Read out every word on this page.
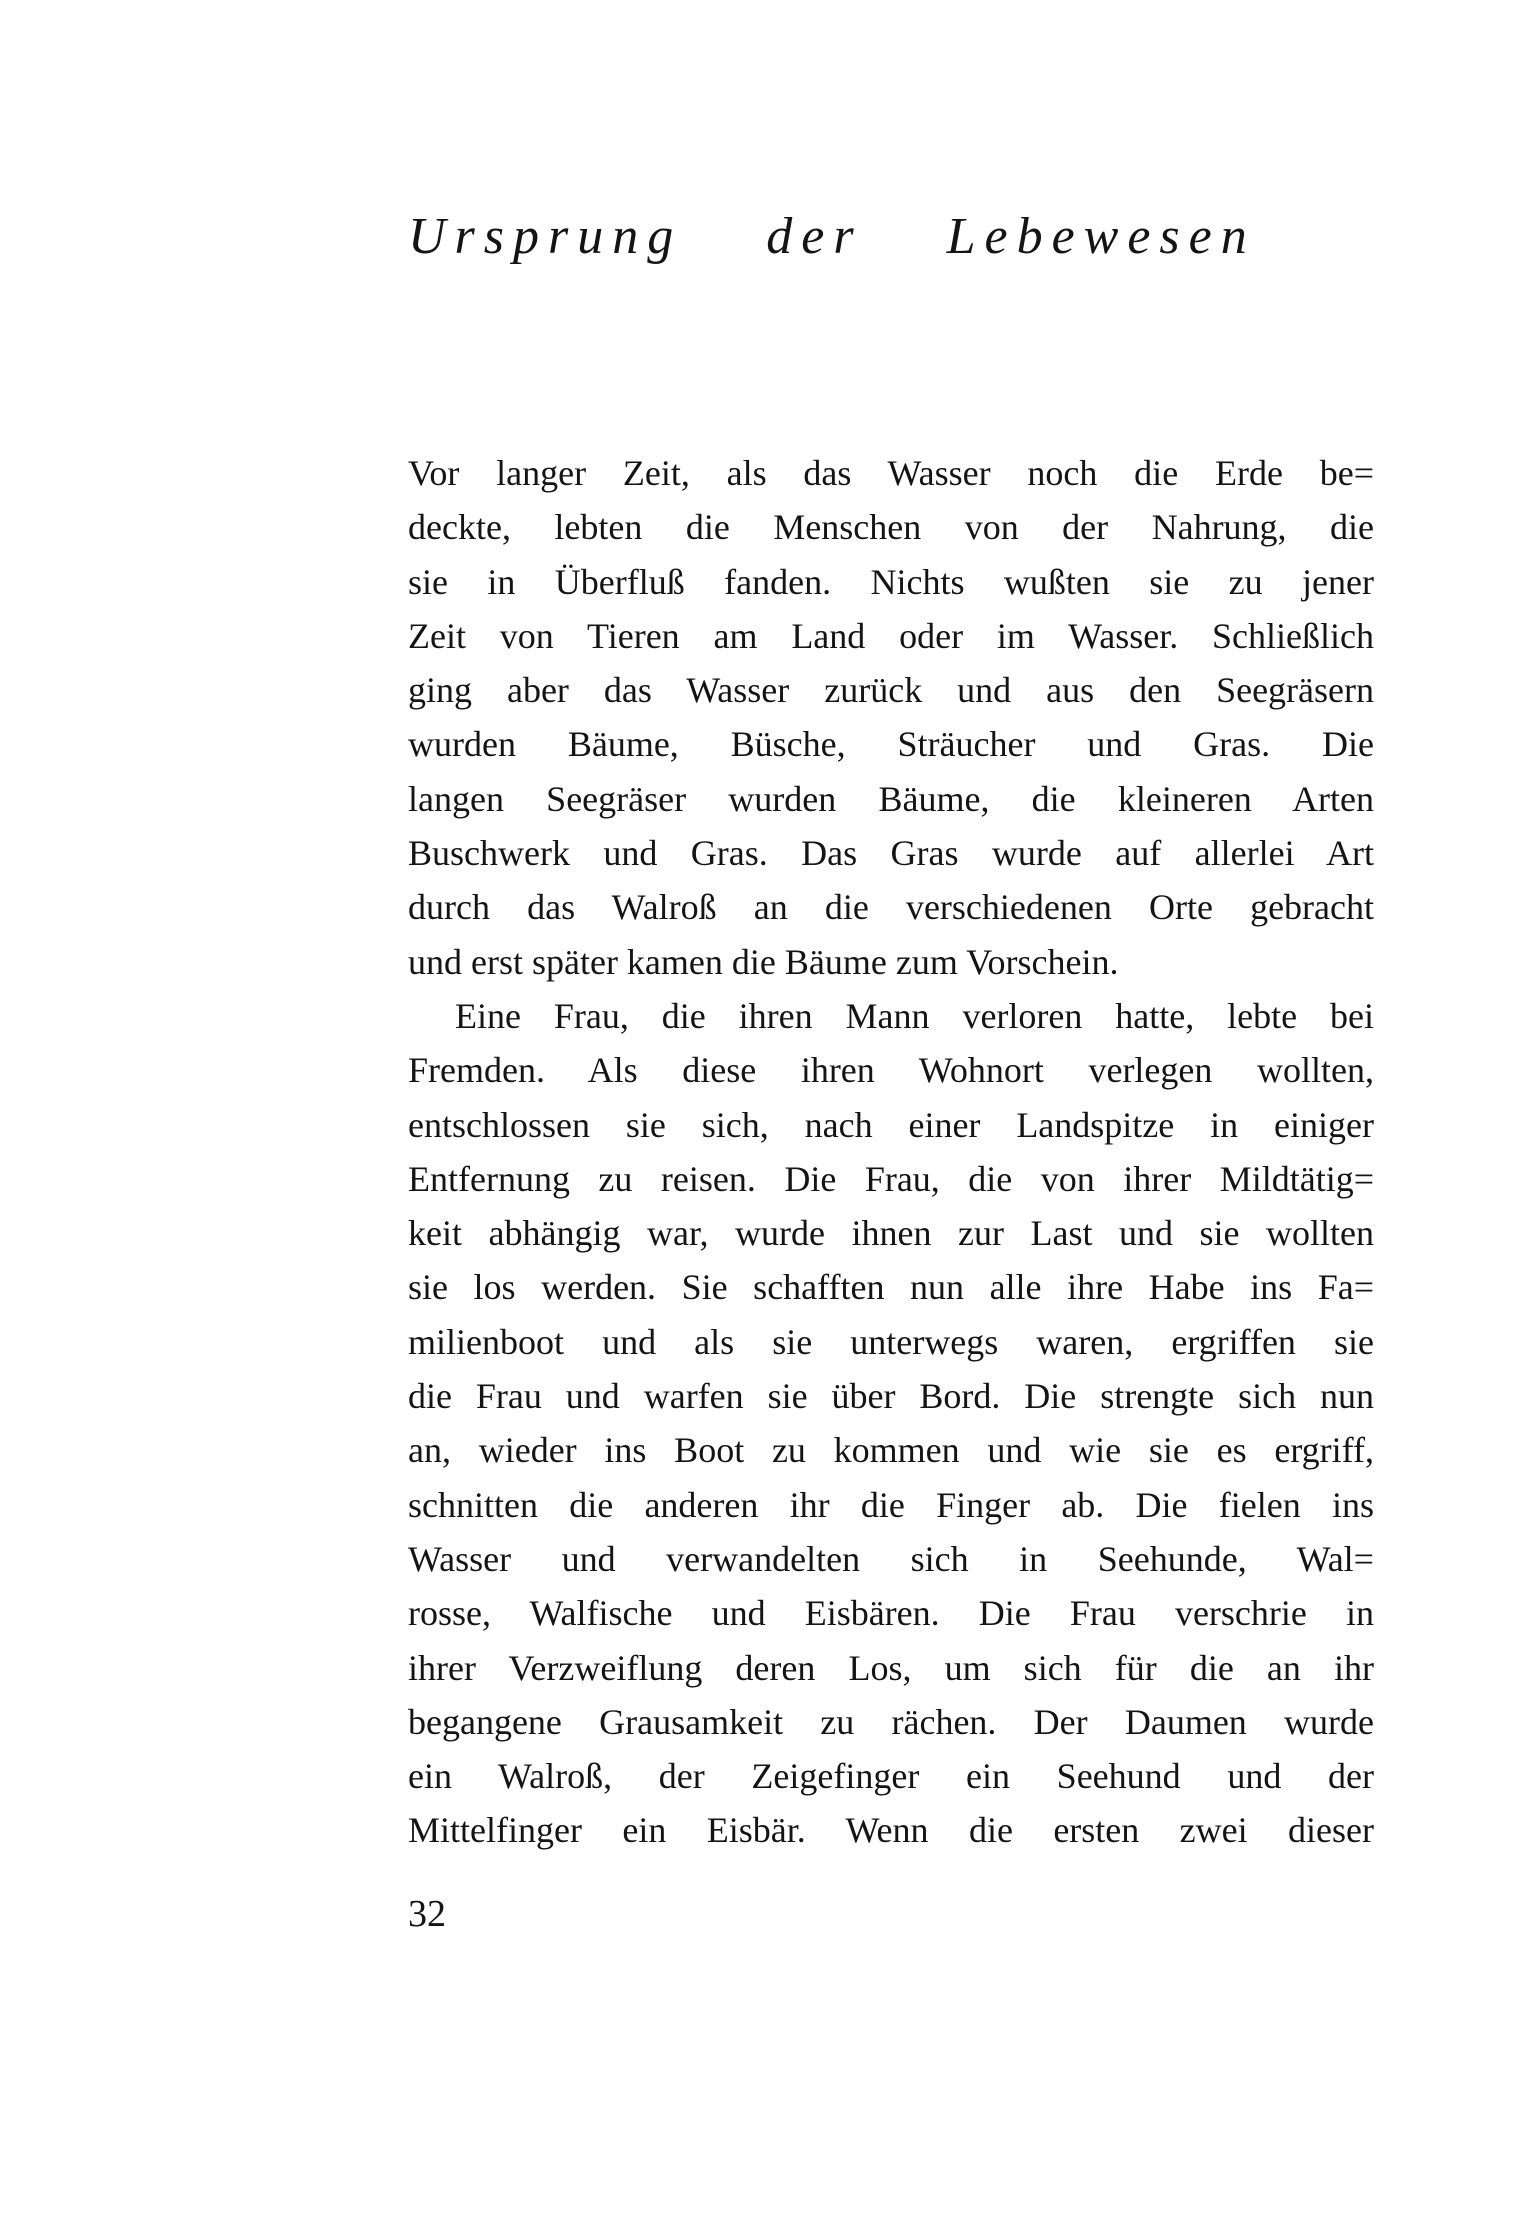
Ursprung der Lebewesen
Vor langer Zeit, als das Wasser noch die Erde be=
deckte, lebten die Menschen von der Nahrung, die
sie in Überfluß fanden. Nichts wußten sie zu jener
Zeit von Tieren am Land oder im Wasser. Schließlich
ging aber das Wasser zurück und aus den Seegräsern
wurden Bäume, Büsche, Sträucher und Gras. Die
langen Seegräser wurden Bäume, die kleineren Arten
Buschwerk und Gras. Das Gras wurde auf allerlei Art
durch das Walroß an die verschiedenen Orte gebracht
und erst später kamen die Bäume zum Vorschein.
Eine Frau, die ihren Mann verloren hatte, lebte bei
Fremden. Als diese ihren Wohnort verlegen wollten,
entschlossen sie sich, nach einer Landspitze in einiger
Entfernung zu reisen. Die Frau, die von ihrer Mildtätig=
keit abhängig war, wurde ihnen zur Last und sie wollten
sie los werden. Sie schafften nun alle ihre Habe ins Fa=
milienboot und als sie unterwegs waren, ergriffen sie
die Frau und warfen sie über Bord. Die strengte sich nun
an, wieder ins Boot zu kommen und wie sie es ergriff,
schnitten die anderen ihr die Finger ab. Die fielen ins
Wasser und verwandelten sich in Seehunde, Wal=
rosse, Walfische und Eisbären. Die Frau verschrie in
ihrer Verzweiflung deren Los, um sich für die an ihr
begangene Grausamkeit zu rächen. Der Daumen wurde
ein Walroß, der Zeigefinger ein Seehund und der
Mittelfinger ein Eisbär. Wenn die ersten zwei dieser
32
